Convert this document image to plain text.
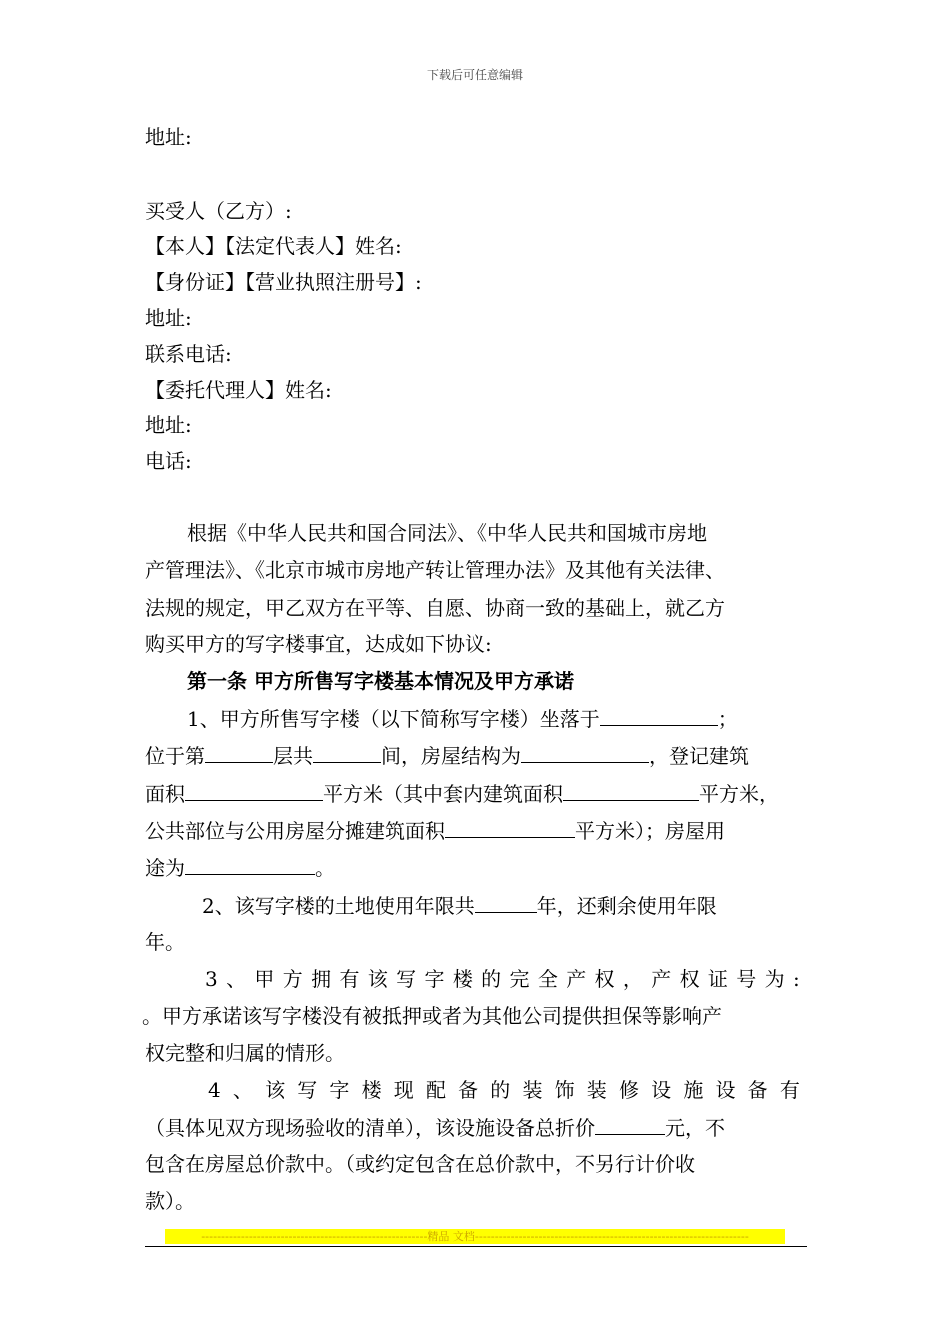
下载后可任意编辑
地址:
买受人（乙方）:
【本人】【法定代表人】姓名:
【身份证】【营业执照注册号】:
地址:
联系电话:
【委托代理人】姓名:
地址:
电话:
根据《中华人民共和国合同法》、《中华人民共和国城市房地
产管理法》、《北京市城市房地产转让管理办法》及其他有关法律、
法规的规定，甲乙双方在平等、自愿、协商一致的基础上，就乙方
购买甲方的写字楼事宜，达成如下协议:
第一条 甲方所售写字楼基本情况及甲方承诺
1、甲方所售写字楼（以下简称写字楼）坐落于	；
位于第	层共	间，房屋结构为	，登记建筑
面积	平方米（其中套内建筑面积	平方米，
公共部位与公用房屋分摊建筑面积	平方米）；房屋用
途为	。
2、该写字楼的土地使用年限共	年，还剩余使用年限
年。
3 、 甲 方 拥 有 该 写 字 楼 的 完 全 产 权 ， 产 权 证 号 为 :
。甲方承诺该写字楼没有被抵押或者为其他公司提供担保等影响产
权完整和归属的情形。
4 、 该 写 字 楼 现 配 备 的 装 饰 装 修 设 施 设 备 有
（具体见双方现场验收的清单），该设施设备总折价	元，不
包含在房屋总价款中。（或约定包含在总价款中，不另行计价收
款）。
---------------------------------------------------------精品 文档---------------------------------------------------------------------
